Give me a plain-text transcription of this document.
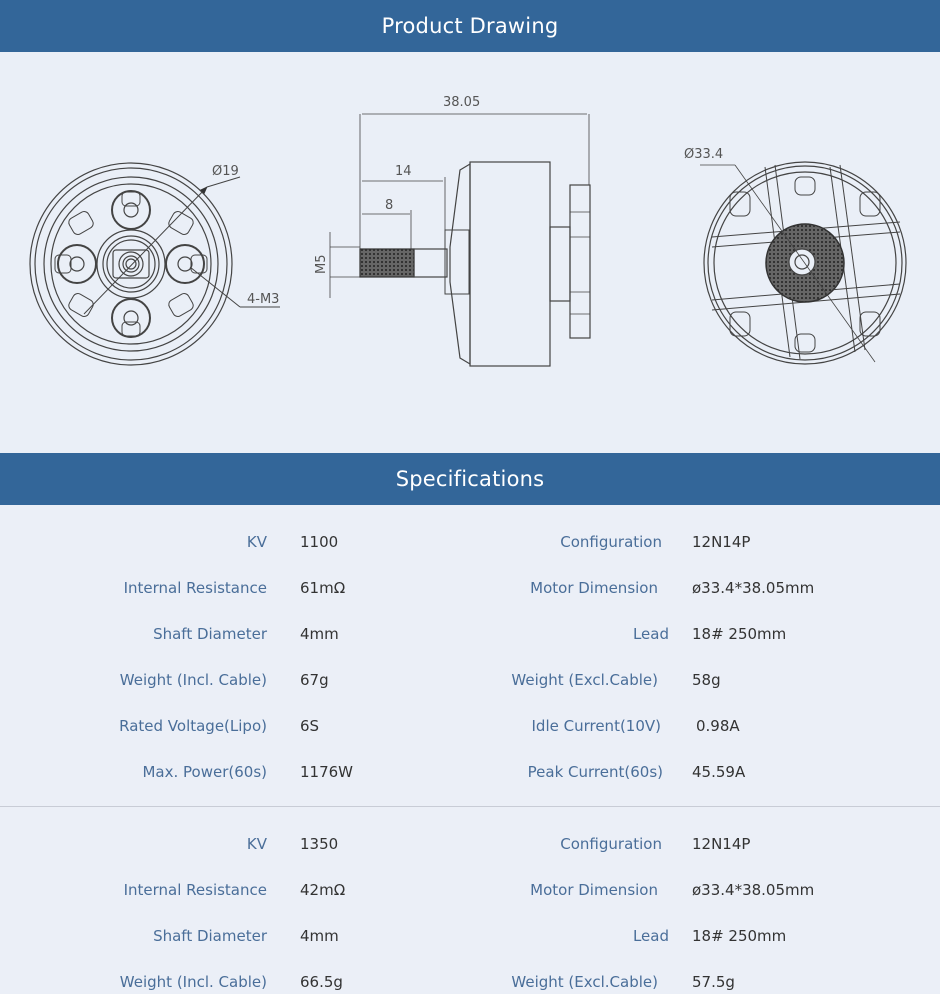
Product Drawing
Ø19
4-M3
38.05
14
8
M5
Ø33.4
Specifications
KV 1100	Configuration 12N14P
Internal Resistance 61mΩ	Motor Dimension ø33.4*38.05mm
Shaft Diameter 4mm	Lead 18# 250mm
Weight (Incl. Cable) 67g	Weight (Excl.Cable) 58g
Rated Voltage(Lipo) 6S	Idle Current(10V) 0.98A
Max. Power(60s) 1176W	Peak Current(60s) 45.59A
KV 1350	Configuration 12N14P
Internal Resistance 42mΩ	Motor Dimension ø33.4*38.05mm
Shaft Diameter 4mm	Lead 18# 250mm
Weight (Incl. Cable) 66.5g	Weight (Excl.Cable) 57.5g
